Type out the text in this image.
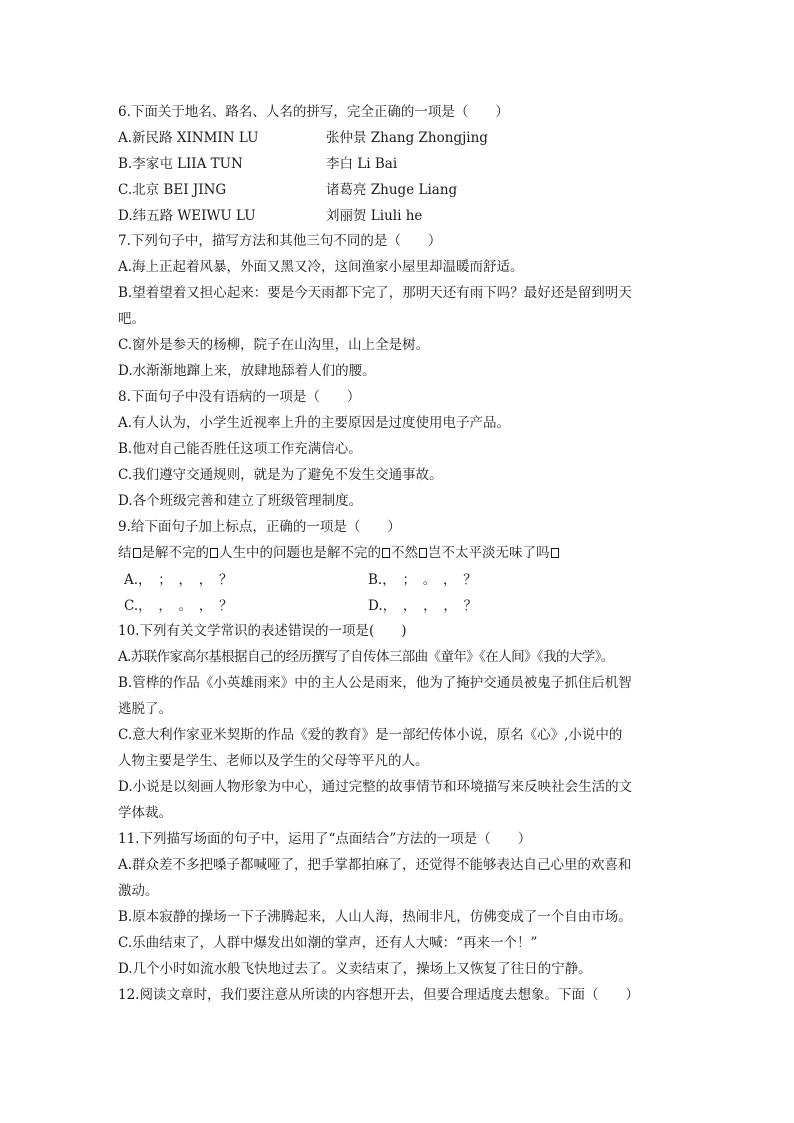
6.下面关于地名、路名、人名的拼写，完全正确的一项是（　　）
A.新民路 XINMIN LU	张仲景 Zhang Zhongjing
B.李家屯 LIIA TUN	李白 Li Bai
C.北京 BEI JING	诸葛亮 Zhuge Liang
D.纬五路 WEIWU LU	刘丽贺 Liuli he
7.下列句子中，描写方法和其他三句不同的是（　　）
A.海上正起着风暴，外面又黑又冷，这间渔家小屋里却温暖而舒适。
B.望着望着又担心起来：要是今天雨都下完了，那明天还有雨下吗？最好还是留到明天
吧。
C.窗外是参天的杨柳，院子在山沟里，山上全是树。
D.水渐渐地蹿上来，放肆地舔着人们的腰。
8.下面句子中没有语病的一项是（　　）
A.有人认为，小学生近视率上升的主要原因是过度使用电子产品。
B.他对自己能否胜任这项工作充满信心。
C.我们遵守交通规则，就是为了避免不发生交通事故。
D.各个班级完善和建立了班级管理制度。
9.给下面句子加上标点，正确的一项是（　　）
结 是解不完的 人生中的问题也是解不完的 不然 岂不太平淡无味了吗
A.，　；　，　，　？	B.，　；　。　，　？
C.，　，　。　，　？	D.，　，　，　，　？
10.下列有关文学常识的表述错误的一项是(　　)
A.苏联作家高尔基根据自己的经历撰写了自传体三部曲《童年》《在人间》《我的大学》。
B.管桦的作品《小英雄雨来》中的主人公是雨来，他为了掩护交通员被鬼子抓住后机智
逃脱了。
C.意大利作家亚米契斯的作品《爱的教育》是一部纪传体小说，原名《心》,小说中的
人物主要是学生、老师以及学生的父母等平凡的人。
D.小说是以刻画人物形象为中心，通过完整的故事情节和环境描写来反映社会生活的文
学体裁。
11.下列描写场面的句子中，运用了“点面结合”方法的一项是（　　）
A.群众差不多把嗓子都喊哑了，把手掌都拍麻了，还觉得不能够表达自己心里的欢喜和
激动。
B.原本寂静的操场一下子沸腾起来，人山人海，热闹非凡，仿佛变成了一个自由市场。
C.乐曲结束了，人群中爆发出如潮的掌声，还有人大喊：“再来一个！”
D.几个小时如流水般飞快地过去了。义卖结束了，操场上又恢复了往日的宁静。
12.阅读文章时，我们要注意从所读的内容想开去，但要合理适度去想象。下面（　　）
